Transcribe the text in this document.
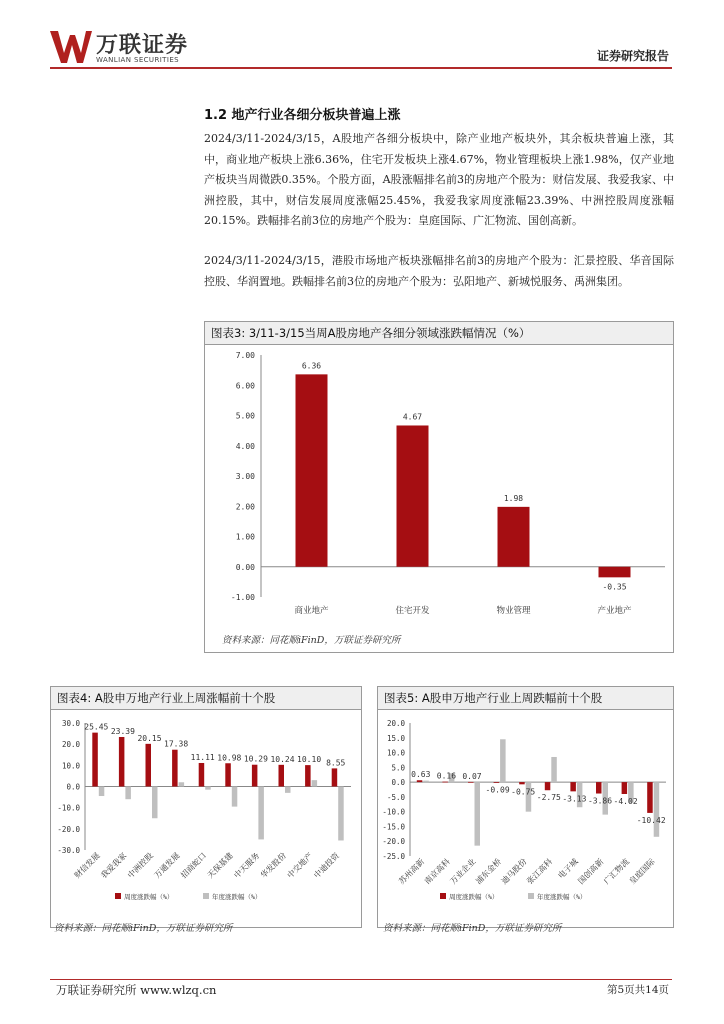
万联证券
WANLIAN SECURITIES	证券研究报告
1.2 地产行业各细分板块普遍上涨
2024/3/11-2024/3/15，A股地产各细分板块中，除产业地产板块外，其余板块普遍上涨，其中，商业地产板块上涨6.36%，住宅开发板块上涨4.67%，物业管理板块上涨1.98%，仅产业地产板块当周微跌0.35%。个股方面，A股涨幅排名前3的房地产个股为：财信发展、我爱我家、中洲控股，其中，财信发展周度涨幅25.45%，我爱我家周度涨幅23.39%、中洲控股周度涨幅20.15%。跌幅排名前3位的房地产个股为：皇庭国际、广汇物流、国创高新。
2024/3/11-2024/3/15，港股市场地产板块涨幅排名前3的房地产个股为：汇景控股、华音国际控股、华润置地。跌幅排名前3位的房地产个股为：弘阳地产、新城悦服务、禹洲集团。
图表3: 3/11-3/15当周A股房地产各细分领域涨跌幅情况（%）
7.00
6.00
5.00
4.00
3.00
2.00
1.00
0.00
-1.00
6.36
商业地产
4.67
住宅开发
1.98
物业管理
-0.35
产业地产
资料来源：同花顺iFinD，万联证券研究所
图表4: A股申万地产行业上周涨幅前十个股
30.0
20.0
10.0
0.0
-10.0
-20.0
-30.0
25.45
财信发展
23.39
我爱我家
20.15
中洲控股
17.38
万通发展
11.11
招商蛇口
10.98
天保基建
10.29
中天服务
10.24
华发股份
10.10
中交地产
8.55
中迪投资
周度涨跌幅（%）	年度涨跌幅（%）
资料来源：同花顺iFinD，万联证券研究所
图表5: A股申万地产行业上周跌幅前十个股
20.0
15.0
10.0
5.0
0.0
-5.0
-10.0
-15.0
-20.0
-25.0
0.63
苏州高新
0.16
南京高科
0.07
万业企业
-0.09
浦东金桥
-0.75
迪马股份
-2.75
张江高科
-3.13
电子城
-3.86
国创高新
-4.02
广汇物流
-10.42
皇庭国际
周度涨跌幅（%）	年度涨跌幅（%）
资料来源：同花顺iFinD，万联证券研究所
万联证券研究所 www.wlzq.cn	第5页共14页
